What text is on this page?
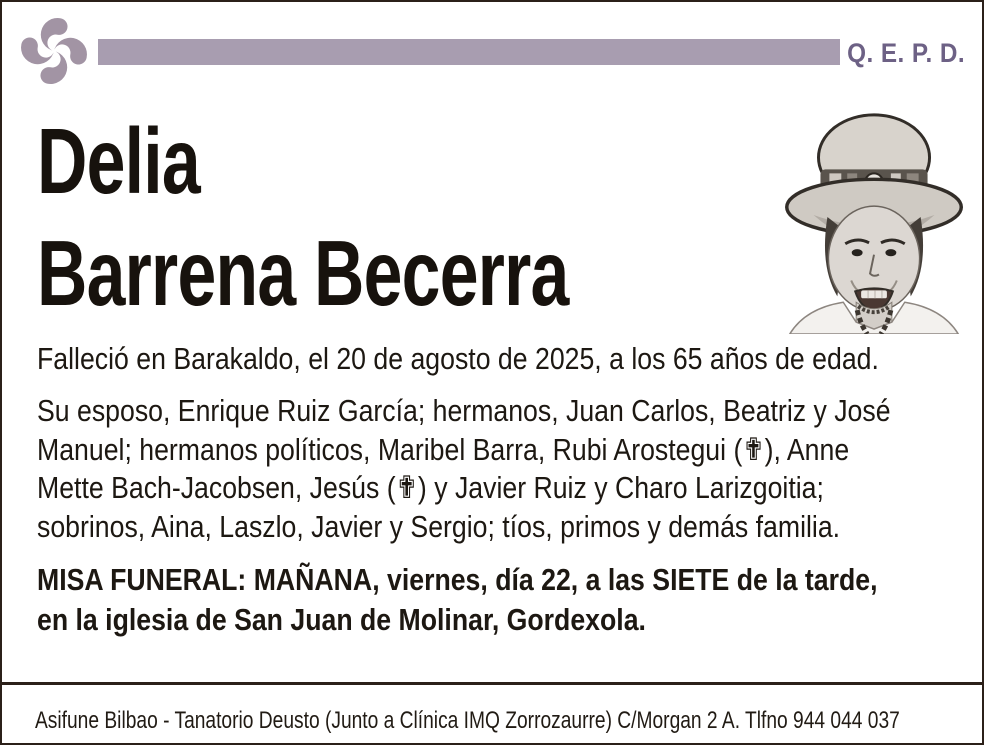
Q. E. P. D.
Delia
Barrena Becerra
Falleció en Barakaldo, el 20 de agosto de 2025, a los 65 años de edad.
Su esposo, Enrique Ruiz García; hermanos, Juan Carlos, Beatriz y José
Manuel; hermanos políticos, Maribel Barra, Rubi Arostegui (✟), Anne
Mette Bach-Jacobsen, Jesús (✟) y Javier Ruiz y Charo Larizgoitia;
sobrinos, Aina, Laszlo, Javier y Sergio; tíos, primos y demás familia.
MISA FUNERAL: MAÑANA, viernes, día 22, a las SIETE de la tarde,
en la iglesia de San Juan de Molinar, Gordexola.
Asifune Bilbao - Tanatorio Deusto (Junto a Clínica IMQ Zorrozaurre) C/Morgan 2 A. Tlfno 944 044 037
